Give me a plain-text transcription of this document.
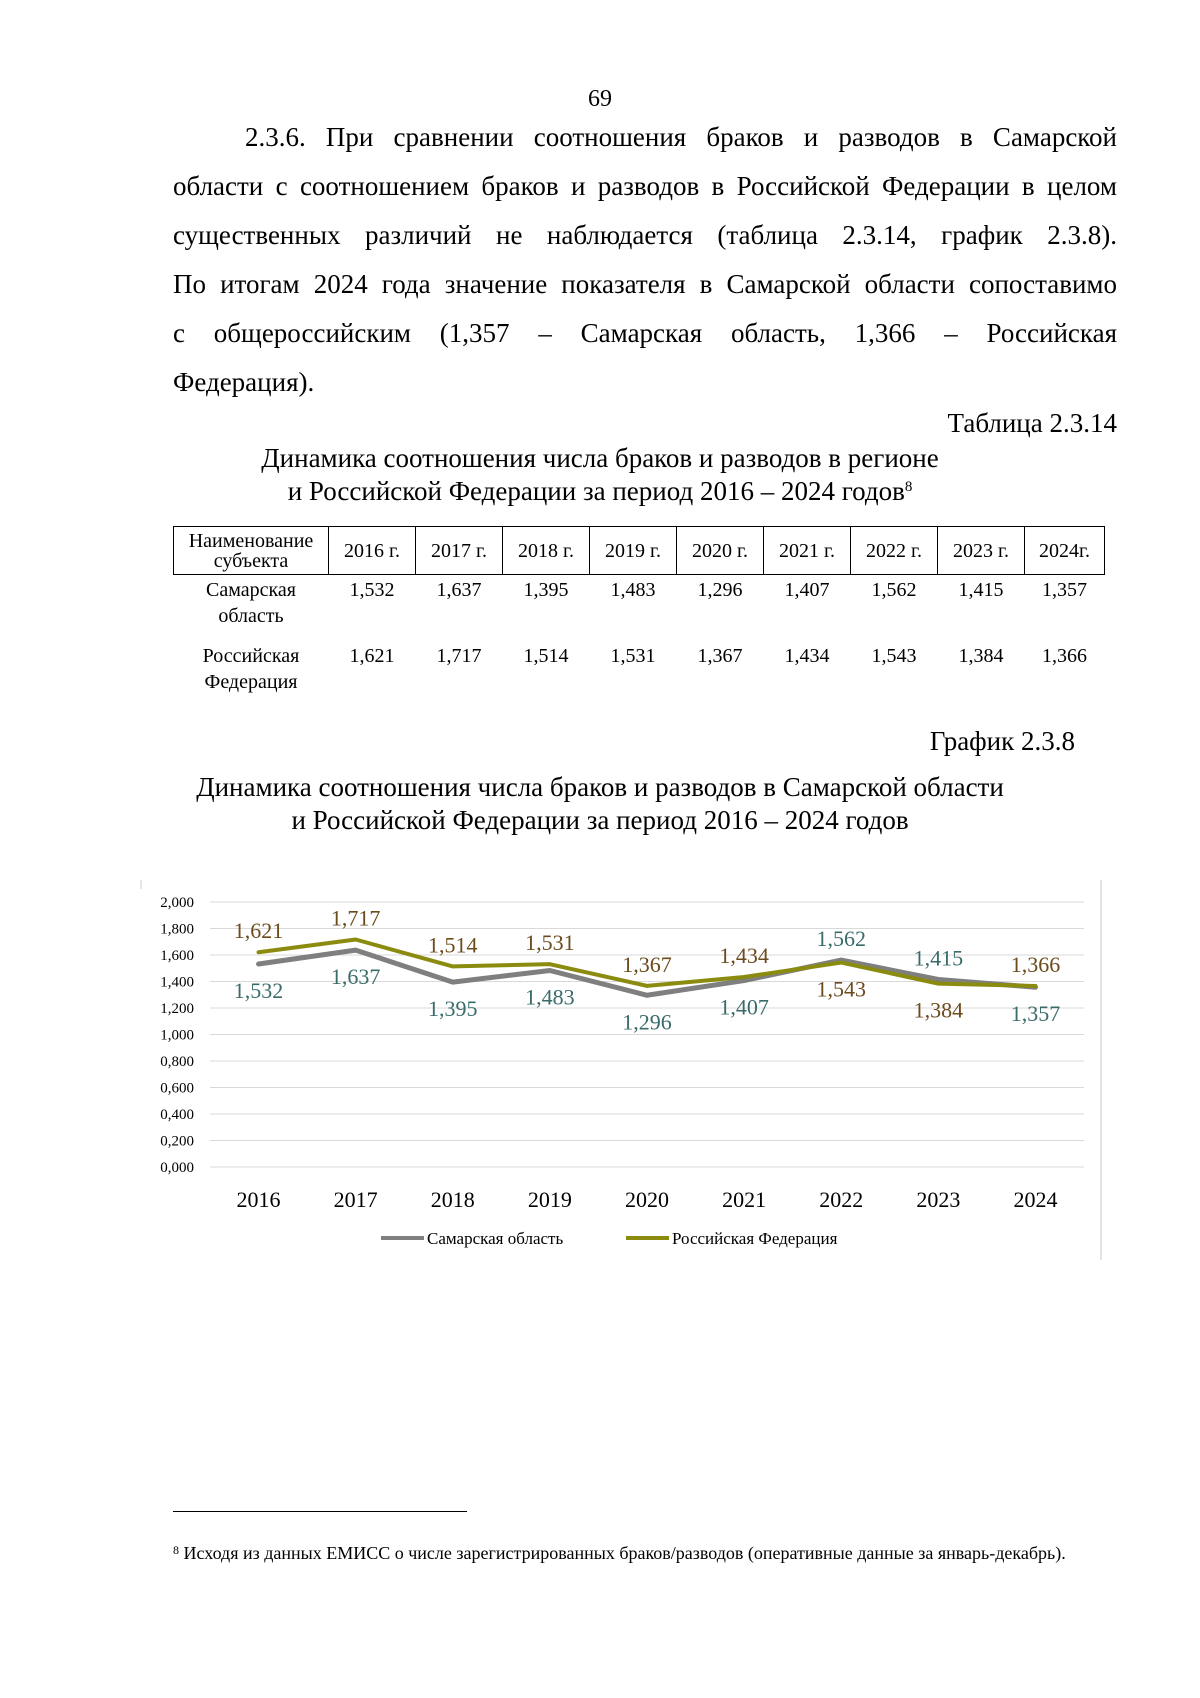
69
2.3.6. При сравнении соотношения браков и разводов в Самарской
области с соотношением браков и разводов в Российской Федерации в целом
существенных различий не наблюдается (таблица 2.3.14, график 2.3.8).
По итогам 2024 года значение показателя в Самарской области сопоставимо
с общероссийским (1,357 – Самарская область, 1,366 – Российская
Федерация).
Таблица 2.3.14
Динамика соотношения числа браков и разводов в регионе
и Российской Федерации за период 2016 – 2024 годов$^8$
Наименование субъекта	2016 г.	2017 г.	2018 г.	2019 г.	2020 г.	2021 г.	2022 г.	2023 г.	2024г.
Самарская
область	1,532	1,637	1,395	1,483	1,296	1,407	1,562	1,415	1,357
Российская
Федерация	1,621	1,717	1,514	1,531	1,367	1,434	1,543	1,384	1,366
График 2.3.8
Динамика соотношения числа браков и разводов в Самарской области
и Российской Федерации за период 2016 – 2024 годов
2,000
1,800
1,600
1,400
1,200
1,000
0,800
0,600
0,400
0,200
0,000
2016 2017 2018 2019 2020 2021 2022 2023 2024
1,532
1,621
1,637
1,717
1,395
1,514
1,483
1,531
1,296
1,367
1,407
1,434
1,562
1,543
1,415
1,384 1,357
1,366
Самарская область	Российская Федерация
$^8$ Исходя из данных ЕМИСС о числе зарегистрированных браков/разводов (оперативные данные за январь-декабрь).
